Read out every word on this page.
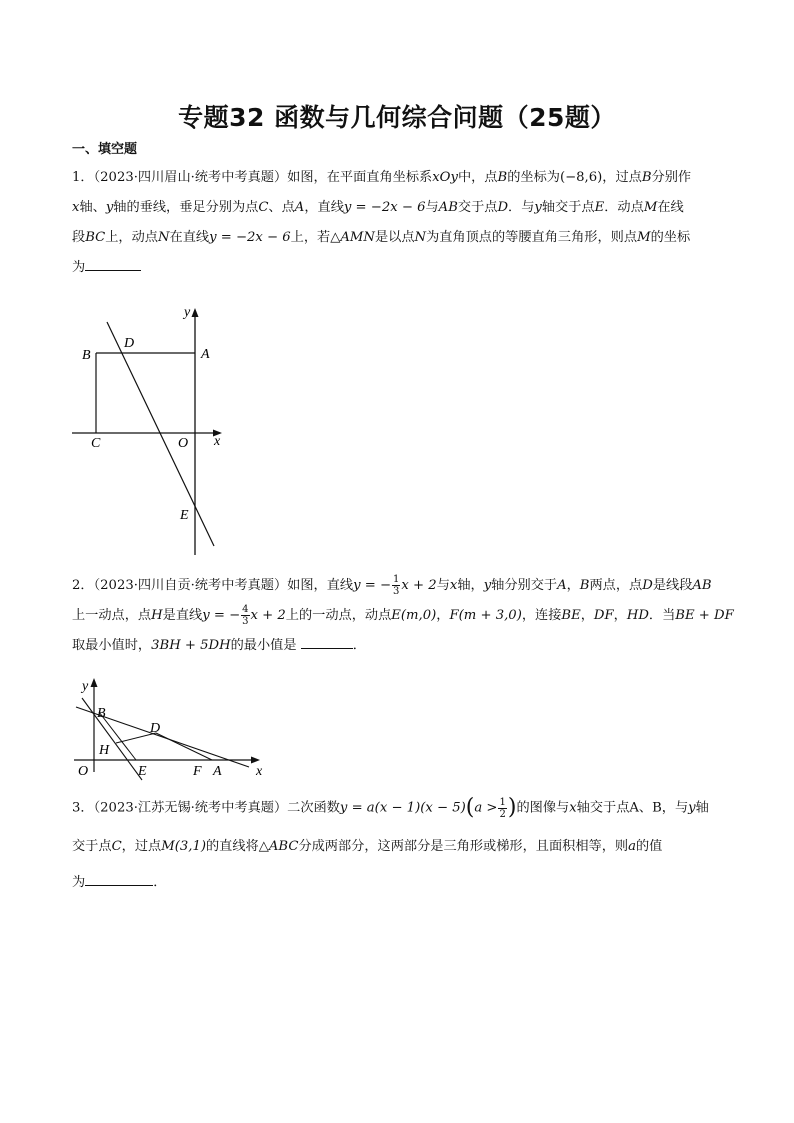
专题32 函数与几何综合问题（25题）
一、填空题
1．（2023·四川眉山·统考中考真题）如图，在平面直角坐标系xOy中，点B的坐标为(−8,6)，过点B分别作
x轴、y轴的垂线，垂足分别为点C、点A，直线y = −2x − 6与AB交于点D．与y轴交于点E．动点M在线
段BC上，动点N在直线y = −2x − 6上，若△AMN是以点N为直角顶点的等腰直角三角形，则点M的坐标
为
y
x
B
D
A
C	O
E
2．（2023·四川自贡·统考中考真题）如图，直线y = − $\frac{1}{3}$ x + 2与x轴，y轴分别交于A，B两点，点D是线段AB
上一动点，点H是直线y = − $\frac{4}{3}$ x + 2上的一动点，动点E(m,0)，F(m + 3,0)，连接BE，DF，HD．当BE + DF
取最小值时，3BH + 5DH的最小值是	．
y
x
B
D
H
O	E	F A
3．（2023·江苏无锡·统考中考真题）二次函数$y = a(x - 1)(x - 5)(a > \frac{1}{2}$ )的图像与x轴交于点A、B，与y轴
交于点C，过点M(3,1)的直线将△ABC分成两部分，这两部分是三角形或梯形，且面积相等，则a的值
为	．
